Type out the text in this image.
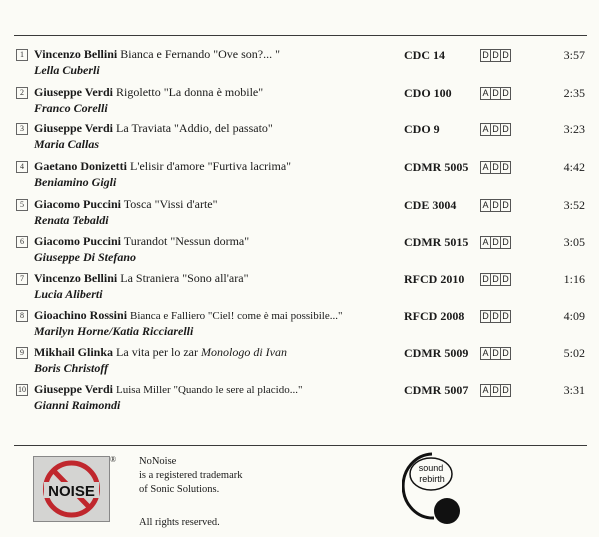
1 Vincenzo Bellini Bianca e Fernando "Ove son?... "
Lella Cuberli
CDC 14	D D D	3:57
2 Giuseppe Verdi Rigoletto "La donna è mobile"
Franco Corelli
CDO 100	A D D	2:35
3 Giuseppe Verdi La Traviata "Addio, del passato"
Maria Callas
CDO 9	A D D	3:23
4 Gaetano Donizetti L'elisir d'amore "Furtiva lacrima"
Beniamino Gigli
CDMR 5005 A D D	4:42
5 Giacomo Puccini Tosca "Vissi d'arte"
Renata Tebaldi
CDE 3004	A D D	3:52
6 Giacomo Puccini Turandot "Nessun dorma"
Giuseppe Di Stefano
CDMR 5015 A D D	3:05
7 Vincenzo Bellini La Straniera "Sono all'ara"
Lucia Aliberti
RFCD 2010 D D D	1:16
8 Gioachino Rossini Bianca e Falliero "Ciel! come è mai possibile..."
Marilyn Horne/Katia Ricciarelli
RFCD 2008 D D D	4:09
9 Mikhail Glinka La vita per lo zar Monologo di Ivan
Boris Christoff
CDMR 5009 A D D	5:02
10 Giuseppe Verdi Luisa Miller "Quando le sere al placido..."
Gianni Raimondi
CDMR 5007 A D D	3:31
NOISE
® NoNoise
is a registered trademark
of Sonic Solutions.
All rights reserved.
sound
rebirth
